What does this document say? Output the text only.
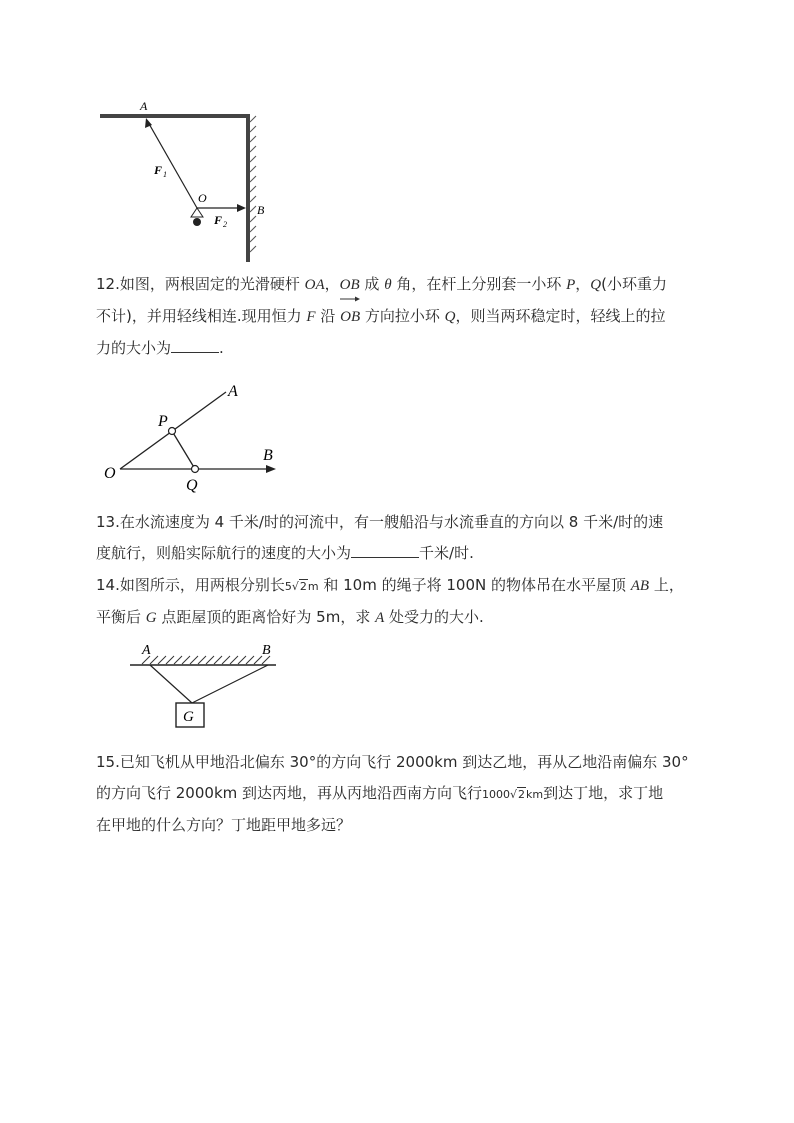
A
O
B
F 1
F 2
12.如图，两根固定的光滑硬杆 OA，OB 成 θ 角，在杆上分别套一小环 P，Q(小环重力
不计)，并用轻线相连.现用恒力 F 沿
OB 方向拉小环 Q，则当两环稳定时，轻线上的拉
力的大小为	.
A
P
B
O
Q
13.在水流速度为 4 千米/时的河流中，有一艘船沿与水流垂直的方向以 8 千米/时的速
度航行，则船实际航行的速度的大小为	千米/时.
14.如图所示，用两根分别长5√2m 和 10m 的绳子将 100N 的物体吊在水平屋顶 AB 上，
平衡后 G 点距屋顶的距离恰好为 5m，求 A 处受力的大小.
A	B
G
15.已知飞机从甲地沿北偏东 30°的方向飞行 2000km 到达乙地，再从乙地沿南偏东 30°
的方向飞行 2000km 到达丙地，再从丙地沿西南方向飞行1000√2km到达丁地，求丁地
在甲地的什么方向？丁地距甲地多远？
